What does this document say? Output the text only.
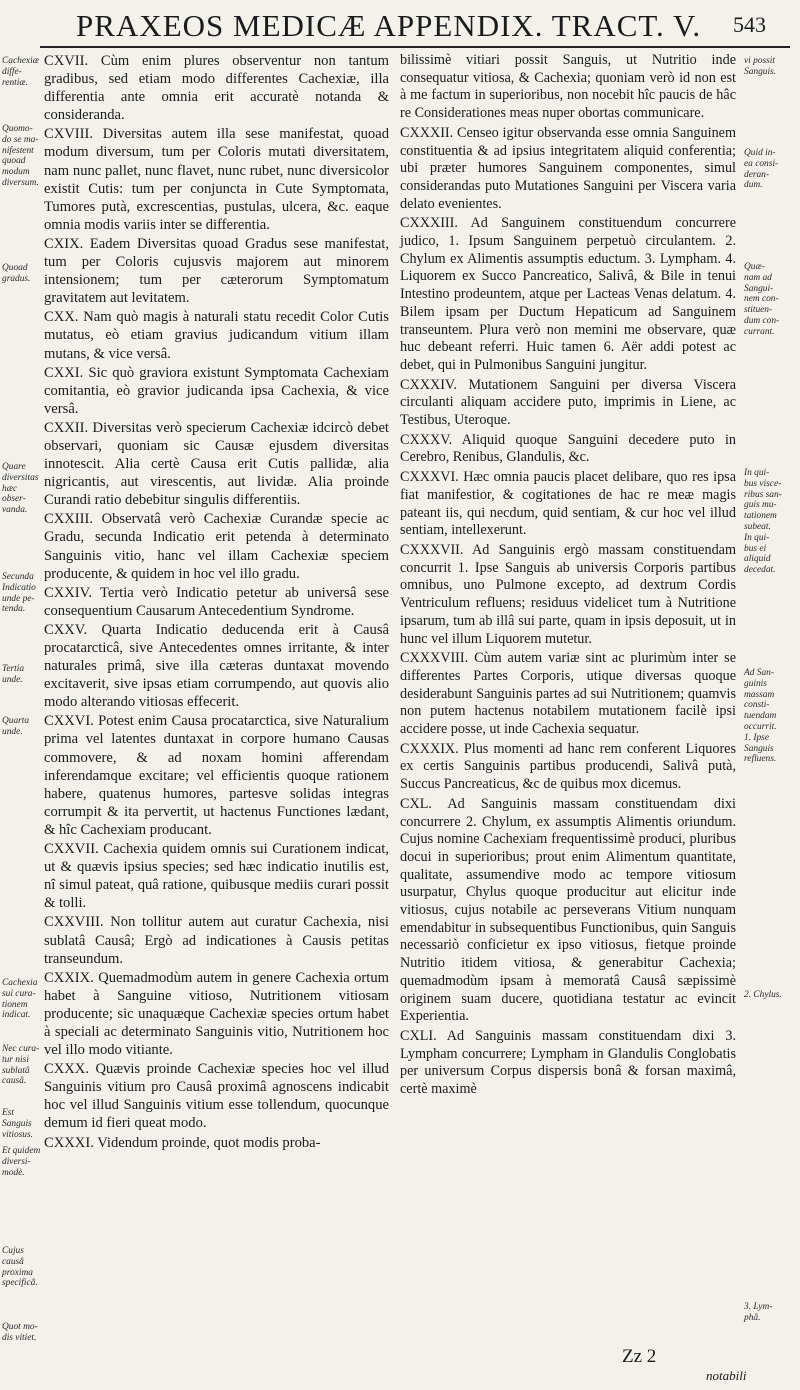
PRAXEOS MEDICÆ APPENDIX. TRACT. V. 543
Cachexiæ
diffe-
rentiæ.
Quomo-
do se ma-
nifestent
quoad
modum
diversum.
Quoad
gradus.
Quare
diversitas
hæc obser-
vanda.
Secunda
Indicatio
unde pe-
tenda.
Tertia
unde.
Quarta
unde.
Cachexia
sui cura-
tionem
indicat.
Nec cura-
tur nisi
sublatâ
causâ.
Est
Sanguis
vitiosus.
Et quidem
diversi-
modè.
Cujus
causâ
proxima
specificâ.
Quot mo-
dis vitiet.

CXVII. Cùm enim plures observentur non tantum gradibus, sed etiam modo differentes Cachexiæ, illa differentia ante omnia erit accuratè notanda & consideranda.

CXVIII. Diversitas autem illa sese manifestat, quoad modum diversum, tum per Coloris mutati diversitatem, nam nunc pallet, nunc flavet, nunc rubet, nunc diversicolor existit Cutis: tum per conjuncta in Cute Symptomata, Tumores putà, excrescentias, pustulas, ulcera, &c. eaque omnia modis variis inter se differentia.

CXIX. Eadem Diversitas quoad Gradus sese manifestat, tum per Coloris cujusvis majorem aut minorem intensionem; tum per cæterorum Symptomatum gravitatem aut levitatem.

CXX. Nam quò magis à naturali statu recedit Color Cutis mutatus, eò etiam gravius judicandum vitium illam mutans, & vice versâ.

CXXI. Sic quò graviora existunt Symptomata Cachexiam comitantia, eò gravior judicanda ipsa Cachexia, & vice versâ.

CXXII. Diversitas verò specierum Cachexiæ idcircò debet observari, quoniam sic Causæ ejusdem diversitas innotescit. Alia certè Causa erit Cutis pallidæ, alia nigricantis, aut virescentis, aut lividæ. Alia proinde Curandi ratio debebitur singulis differentiis.

CXXIII. Observatâ verò Cachexiæ Curandæ specie ac Gradu, secunda Indicatio erit petenda à determinato Sanguinis vitio, hanc vel illam Cachexiæ speciem producente, & quidem in hoc vel illo gradu.

CXXIV. Tertia verò Indicatio petetur ab universâ sese consequentium Causarum Antecedentium Syndrome.

CXXV. Quarta Indicatio deducenda erit à Causâ procatarcticâ, sive Antecedentes omnes irritante, & inter naturales primâ, sive illa cæteras duntaxat movendo excitaverit, sive ipsas etiam corrumpendo, aut quovis alio modo alterando vitiosas effecerit.

CXXVI. Potest enim Causa procatarctica, sive Naturalium prima vel latentes duntaxat in corpore humano Causas commovere, & ad noxam homini afferendam inferendamque excitare; vel efficientis quoque rationem habere, quatenus humores, partesve solidas integras corrumpit & ita pervertit, ut hactenus Functiones lædant, & hîc Cachexiam producant.

CXXVII. Cachexia quidem omnis sui Curationem indicat, ut & quævis ipsius species; sed hæc indicatio inutilis est, nî simul pateat, quâ ratione, quibusque mediis curari possit & tolli.

CXXVIII. Non tollitur autem aut curatur Cachexia, nisi sublatâ Causâ; Ergò ad indicationes à Causis petitas transeundum.

CXXIX. Quemadmodùm autem in genere Cachexia ortum habet à Sanguine vitioso, Nutritionem vitiosam producente; sic unaquæque Cachexiæ species ortum habet à speciali ac determinato Sanguinis vitio, Nutritionem hoc vel illo modo vitiante.

CXXX. Quævis proinde Cachexiæ species hoc vel illud Sanguinis vitium pro Causâ proximâ agnoscens indicabit hoc vel illud Sanguinis vitium esse tollendum, quocunque demum id fieri queat modo.

CXXXI. Videndum proinde, quot modis proba-

bilissimè vitiari possit Sanguis, ut Nutritio inde consequatur vitiosa, & Cachexia; quoniam verò id non est à me factum in superioribus, non nocebit hîc paucis de hâc re Considerationes meas nuper obortas communicare.

CXXXII. Censeo igitur observanda esse omnia Sanguinem constituentia & ad ipsius integritatem aliquid conferentia; ubi præter humores Sanguinem componentes, simul considerandas puto Mutationes Sanguini per Viscera varia delato evenientes.

CXXXIII. Ad Sanguinem constituendum concurrere judico, 1. Ipsum Sanguinem perpetuò circulantem. 2. Chylum ex Alimentis assumptis eductum. 3. Lympham. 4. Liquorem ex Succo Pancreatico, Salivâ, & Bile in tenui Intestino prodeuntem, atque per Lacteas Venas delatum. 4. Bilem ipsam per Ductum Hepaticum ad Sanguinem transeuntem. Plura verò non memini me observare, quæ huc debeant referri. Huic tamen 6. Aër addi potest ac debet, qui in Pulmonibus Sanguini jungitur.

CXXXIV. Mutationem Sanguini per diversa Viscera circulanti aliquam accidere puto, imprimis in Liene, ac Testibus, Uteroque.

CXXXV. Aliquid quoque Sanguini decedere puto in Cerebro, Renibus, Glandulis, &c.

CXXXVI. Hæc omnia paucis placet delibare, quo res ipsa fiat manifestior, & cogitationes de hac re meæ magis pateant iis, qui necdum, quid sentiam, & cur hoc vel illud sentiam, intellexerunt.

CXXXVII. Ad Sanguinis ergò massam constituendam concurrit 1. Ipse Sanguis ab universis Corporis partibus omnibus, uno Pulmone excepto, ad dextrum Cordis Ventriculum refluens; residuus videlicet tum à Nutritione ipsarum, tum ab illâ sui parte, quam in ipsis deposuit, ut in hunc vel illum Liquorem mutetur.

CXXXVIII. Cùm autem variæ sint ac plurimùm inter se differentes Partes Corporis, utique diversas quoque desiderabunt Sanguinis partes ad sui Nutritionem; quamvis non putem hactenus notabilem mutationem facilè ipsi accidere posse, ut inde Cachexia sequatur.

CXXXIX. Plus momenti ad hanc rem conferent Liquores ex certis Sanguinis partibus producendi, Salivâ putà, Succus Pancreaticus, &c de quibus mox dicemus.

CXL. Ad Sanguinis massam constituendam dixi concurrere 2. Chylum, ex assumptis Alimentis oriundum. Cujus nomine Cachexiam frequentissimè produci, pluribus docui in superioribus; prout enim Alimentum quantitate, qualitate, assumendive modo ac tempore vitiosum usurpatur, Chylus quoque producitur aut elicitur inde vitiosus, cujus notabile ac perseverans Vitium nunquam emendabitur in subsequentibus Functionibus, quin Sanguis necessariò conficietur ex ipso vitiosus, fietque proinde Nutritio itidem vitiosa, & generabitur Cachexia; quemadmodùm ipsam à memoratâ Causâ sæpissimè originem suam ducere, quotidiana testatur ac evincit Experientia.

CXLI. Ad Sanguinis massam constituendam dixi 3. Lympham concurrere; Lympham in Glandulis Conglobatis per universum Corpus dispersis bonâ & forsan maximâ, certè maximè

vi possit
Sanguis.
Quid in-
ea consi-
deran-
dum.
Quæ-
nam ad
Sangui-
nem con-
stituen-
dum con-
currant.
In qui-
bus visce-
ribus san-
guis mu-
tationem
subeat.
In qui-
bus ei
aliquid
decedat.
Ad San-
guinis
massam
consti-
tuendam
occurrit.
1. Ipse
Sanguis
refluens.
2. Chylus.
3. Lym-
phâ.
Zz 2
notabili
